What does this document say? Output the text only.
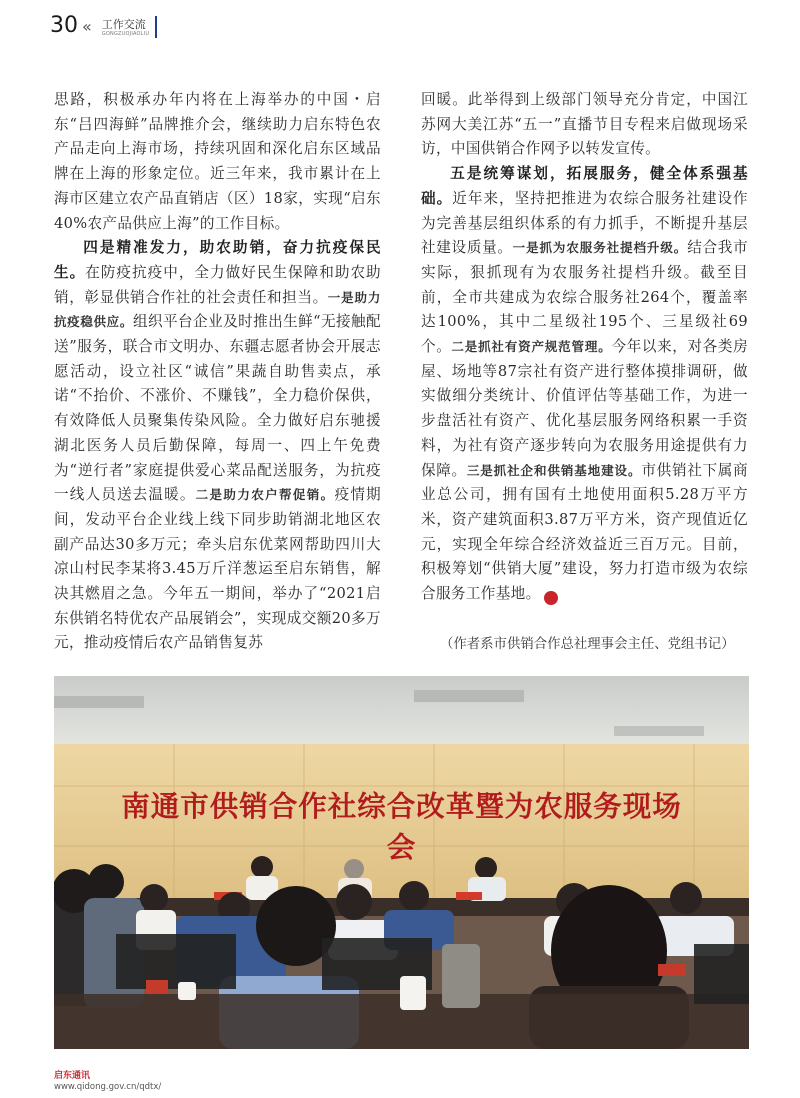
30 « 工作交流
GONGZUOJIAOLIU

思路，积极承办年内将在上海举办的中国・启东“吕四海鲜”品牌推介会，继续助力启东特色农产品走向上海市场，持续巩固和深化启东区域品牌在上海的形象定位。近三年来，我市累计在上海市区建立农产品直销店（区）18家，实现“启东40%农产品供应上海”的工作目标。

四是精准发力，助农助销，奋力抗疫保民生。在防疫抗疫中，全力做好民生保障和助农助销，彰显供销合作社的社会责任和担当。一是助力抗疫稳供应。组织平台企业及时推出生鲜“无接触配送”服务，联合市文明办、东疆志愿者协会开展志愿活动，设立社区“诚信”果蔬自助售卖点，承诺“不抬价、不涨价、不赚钱”，全力稳价保供，有效降低人员聚集传染风险。全力做好启东驰援湖北医务人员后勤保障，每周一、四上午免费为“逆行者”家庭提供爱心菜品配送服务，为抗疫一线人员送去温暖。二是助力农户帮促销。疫情期间，发动平台企业线上线下同步助销湖北地区农副产品达30多万元；牵头启东优菜网帮助四川大凉山村民李某将3.45万斤洋葱运至启东销售，解决其燃眉之急。今年五一期间，举办了“2021启东供销名特优农产品展销会”，实现成交额20多万元，推动疫情后农产品销售复苏

回暖。此举得到上级部门领导充分肯定，中国江苏网大美江苏“五一”直播节目专程来启做现场采访，中国供销合作网予以转发宣传。

五是统筹谋划，拓展服务，健全体系强基础。近年来，坚持把推进为农综合服务社建设作为完善基层组织体系的有力抓手，不断提升基层社建设质量。一是抓为农服务社提档升级。结合我市实际，狠抓现有为农服务社提档升级。截至目前，全市共建成为农综合服务社264个，覆盖率达100%，其中二星级社195个、三星级社69个。二是抓社有资产规范管理。今年以来，对各类房屋、场地等87宗社有资产进行整体摸排调研，做实做细分类统计、价值评估等基础工作，为进一步盘活社有资产、优化基层服务网络积累一手资料，为社有资产逐步转向为农服务用途提供有力保障。三是抓社企和供销基地建设。市供销社下属商业总公司，拥有国有土地使用面积5.28万平方米，资产建筑面积3.87万平方米，资产现值近亿元，实现全年综合经济效益近三百万元。目前，积极筹划“供销大厦”建设，努力打造市级为农综合服务工作基地。	启

（作者系市供销合作总社理事会主任、党组书记）
南通市供销合作社综合改革暨为农服务现场会
启东通讯
www.qidong.gov.cn/qdtx/
